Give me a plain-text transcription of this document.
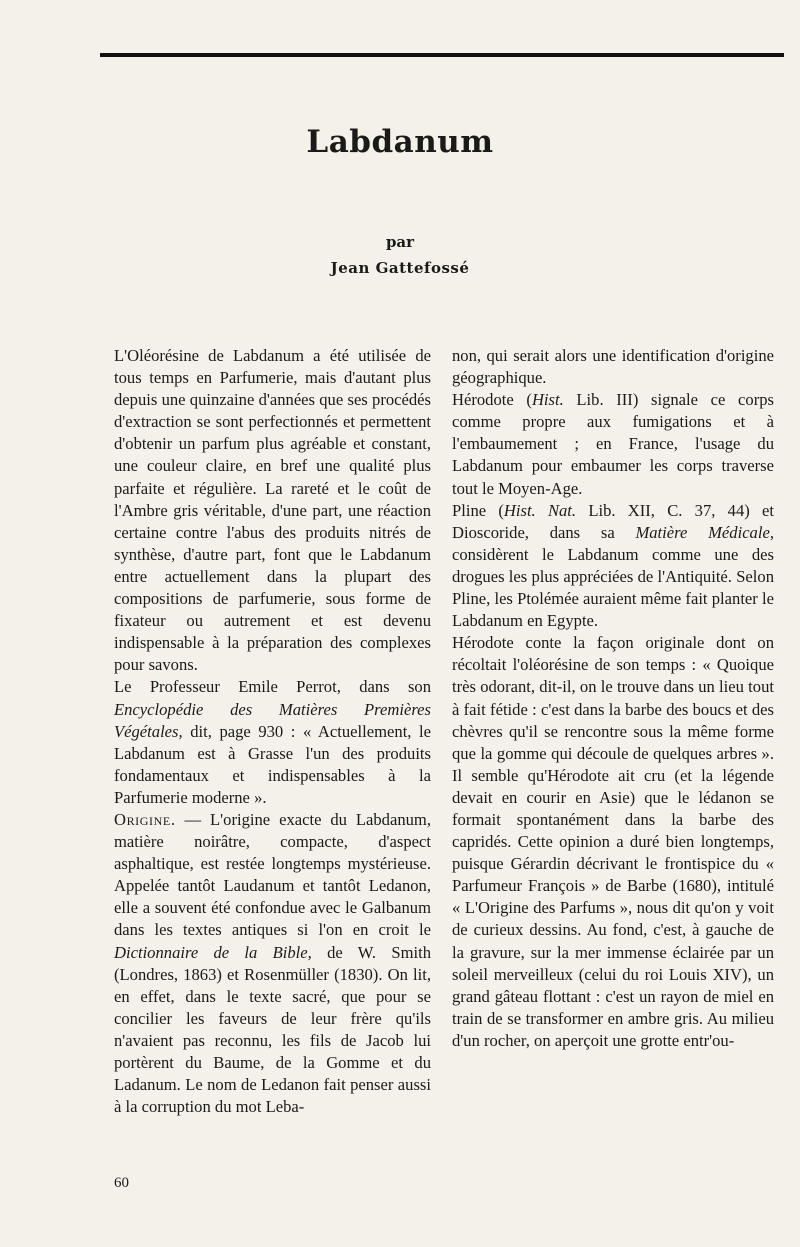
Labdanum
par
Jean Gattefossé

L'Oléorésine de Labdanum a été utilisée de tous temps en Parfumerie, mais d'autant plus depuis une quinzaine d'années que ses procédés d'extraction se sont perfectionnés et permettent d'obtenir un parfum plus agréable et constant, une couleur claire, en bref une qualité plus parfaite et régulière. La rareté et le coût de l'Ambre gris véritable, d'une part, une réaction certaine contre l'abus des produits nitrés de synthèse, d'autre part, font que le Labdanum entre actuellement dans la plupart des compositions de parfumerie, sous forme de fixateur ou autrement et est devenu indispensable à la préparation des complexes pour savons.

Le Professeur Emile Perrot, dans son Encyclopédie des Matières Premières Végétales, dit, page 930 : « Actuellement, le Labdanum est à Grasse l'un des produits fondamentaux et indispensables à la Parfumerie moderne ».

Origine. — L'origine exacte du Labdanum, matière noirâtre, compacte, d'aspect asphaltique, est restée longtemps mystérieuse. Appelée tantôt Laudanum et tantôt Ledanon, elle a souvent été confondue avec le Galbanum dans les textes antiques si l'on en croit le Dictionnaire de la Bible, de W. Smith (Londres, 1863) et Rosenmüller (1830). On lit, en effet, dans le texte sacré, que pour se concilier les faveurs de leur frère qu'ils n'avaient pas reconnu, les fils de Jacob lui portèrent du Baume, de la Gomme et du Ladanum. Le nom de Ledanon fait penser aussi à la corruption du mot Leba-

non, qui serait alors une identification d'origine géographique.

Hérodote (Hist. Lib. III) signale ce corps comme propre aux fumigations et à l'embaumement ; en France, l'usage du Labdanum pour embaumer les corps traverse tout le Moyen-Age.

Pline (Hist. Nat. Lib. XII, C. 37, 44) et Dioscoride, dans sa Matière Médicale, considèrent le Labdanum comme une des drogues les plus appréciées de l'Antiquité. Selon Pline, les Ptolémée auraient même fait planter le Labdanum en Egypte.

Hérodote conte la façon originale dont on récoltait l'oléorésine de son temps : « Quoique très odorant, dit-il, on le trouve dans un lieu tout à fait fétide : c'est dans la barbe des boucs et des chèvres qu'il se rencontre sous la même forme que la gomme qui découle de quelques arbres ». Il semble qu'Hérodote ait cru (et la légende devait en courir en Asie) que le lédanon se formait spontanément dans la barbe des capridés. Cette opinion a duré bien longtemps, puisque Gérardin décrivant le frontispice du « Parfumeur François » de Barbe (1680), intitulé « L'Origine des Parfums », nous dit qu'on y voit de curieux dessins. Au fond, c'est, à gauche de la gravure, sur la mer immense éclairée par un soleil merveilleux (celui du roi Louis XIV), un grand gâteau flottant : c'est un rayon de miel en train de se transformer en ambre gris. Au milieu d'un rocher, on aperçoit une grotte entr'ou-

60
